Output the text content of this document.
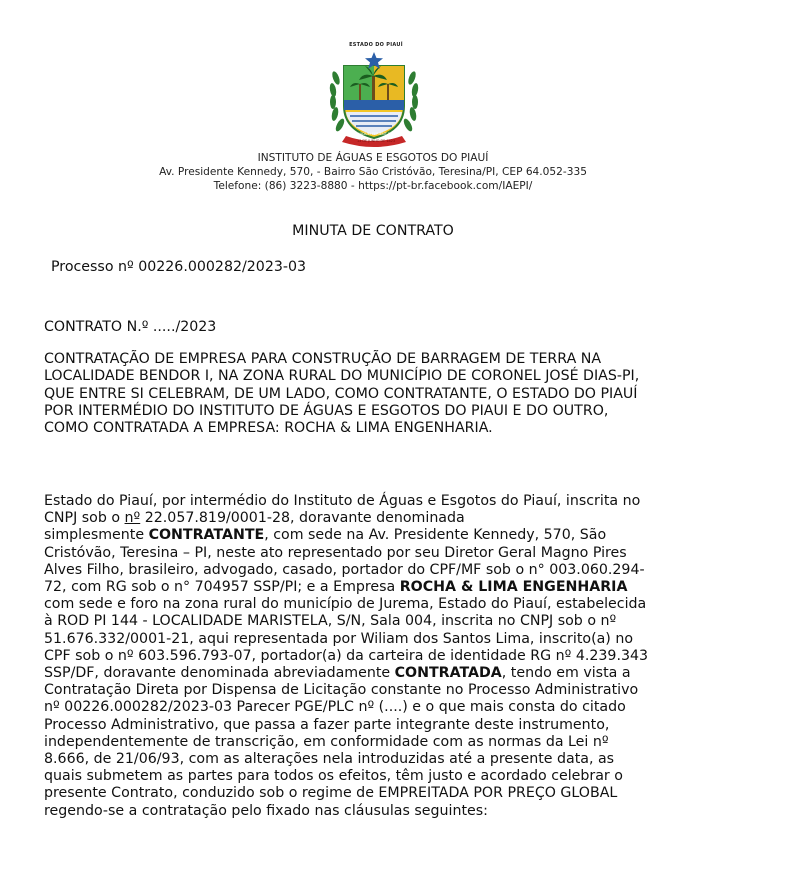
ESTADO DO PIAUÍ
IMPAVIDUM FERIENT RUINAE
13 DE JUNHO DE 1823
INSTITUTO DE ÁGUAS E ESGOTOS DO PIAUÍ
Av. Presidente Kennedy, 570, - Bairro São Cristóvão, Teresina/PI, CEP 64.052-335
Telefone: (86) 3223-8880 - https://pt-br.facebook.com/IAEPI/
MINUTA DE CONTRATO
Processo nº 00226.000282/2023-03
CONTRATO N.º ...../2023
CONTRATAÇÃO DE EMPRESA PARA CONSTRUÇÃO DE BARRAGEM DE TERRA NA
LOCALIDADE BENDOR I, NA ZONA RURAL DO MUNICÍPIO DE CORONEL JOSÉ DIAS-PI,
QUE ENTRE SI CELEBRAM, DE UM LADO, COMO CONTRATANTE, O ESTADO DO PIAUÍ
POR INTERMÉDIO DO INSTITUTO DE ÁGUAS E ESGOTOS DO PIAUI E DO OUTRO,
COMO CONTRATADA A EMPRESA: ROCHA & LIMA ENGENHARIA.
Estado do Piauí, por intermédio do Instituto de Águas e Esgotos do Piauí, inscrita no
CNPJ sob o nº 22.057.819/0001-28, doravante denominada
simplesmente CONTRATANTE, com sede na Av. Presidente Kennedy, 570, São
Cristóvão, Teresina – PI, neste ato representado por seu Diretor Geral Magno Pires
Alves Filho, brasileiro, advogado, casado, portador do CPF/MF sob o n° 003.060.294-
72, com RG sob o n° 704957 SSP/PI; e a Empresa ROCHA & LIMA ENGENHARIA
com sede e foro na zona rural do município de Jurema, Estado do Piauí, estabelecida
à ROD PI 144 - LOCALIDADE MARISTELA, S/N, Sala 004, inscrita no CNPJ sob o nº
51.676.332/0001-21, aqui representada por Wiliam dos Santos Lima, inscrito(a) no
CPF sob o nº 603.596.793-07, portador(a) da carteira de identidade RG nº 4.239.343
SSP/DF, doravante denominada abreviadamente CONTRATADA, tendo em vista a
Contratação Direta por Dispensa de Licitação constante no Processo Administrativo
nº 00226.000282/2023-03 Parecer PGE/PLC nº (....) e o que mais consta do citado
Processo Administrativo, que passa a fazer parte integrante deste instrumento,
independentemente de transcrição, em conformidade com as normas da Lei nº
8.666, de 21/06/93, com as alterações nela introduzidas até a presente data, as
quais submetem as partes para todos os efeitos, têm justo e acordado celebrar o
presente Contrato, conduzido sob o regime de EMPREITADA POR PREÇO GLOBAL
regendo-se a contratação pelo fixado nas cláusulas seguintes:
